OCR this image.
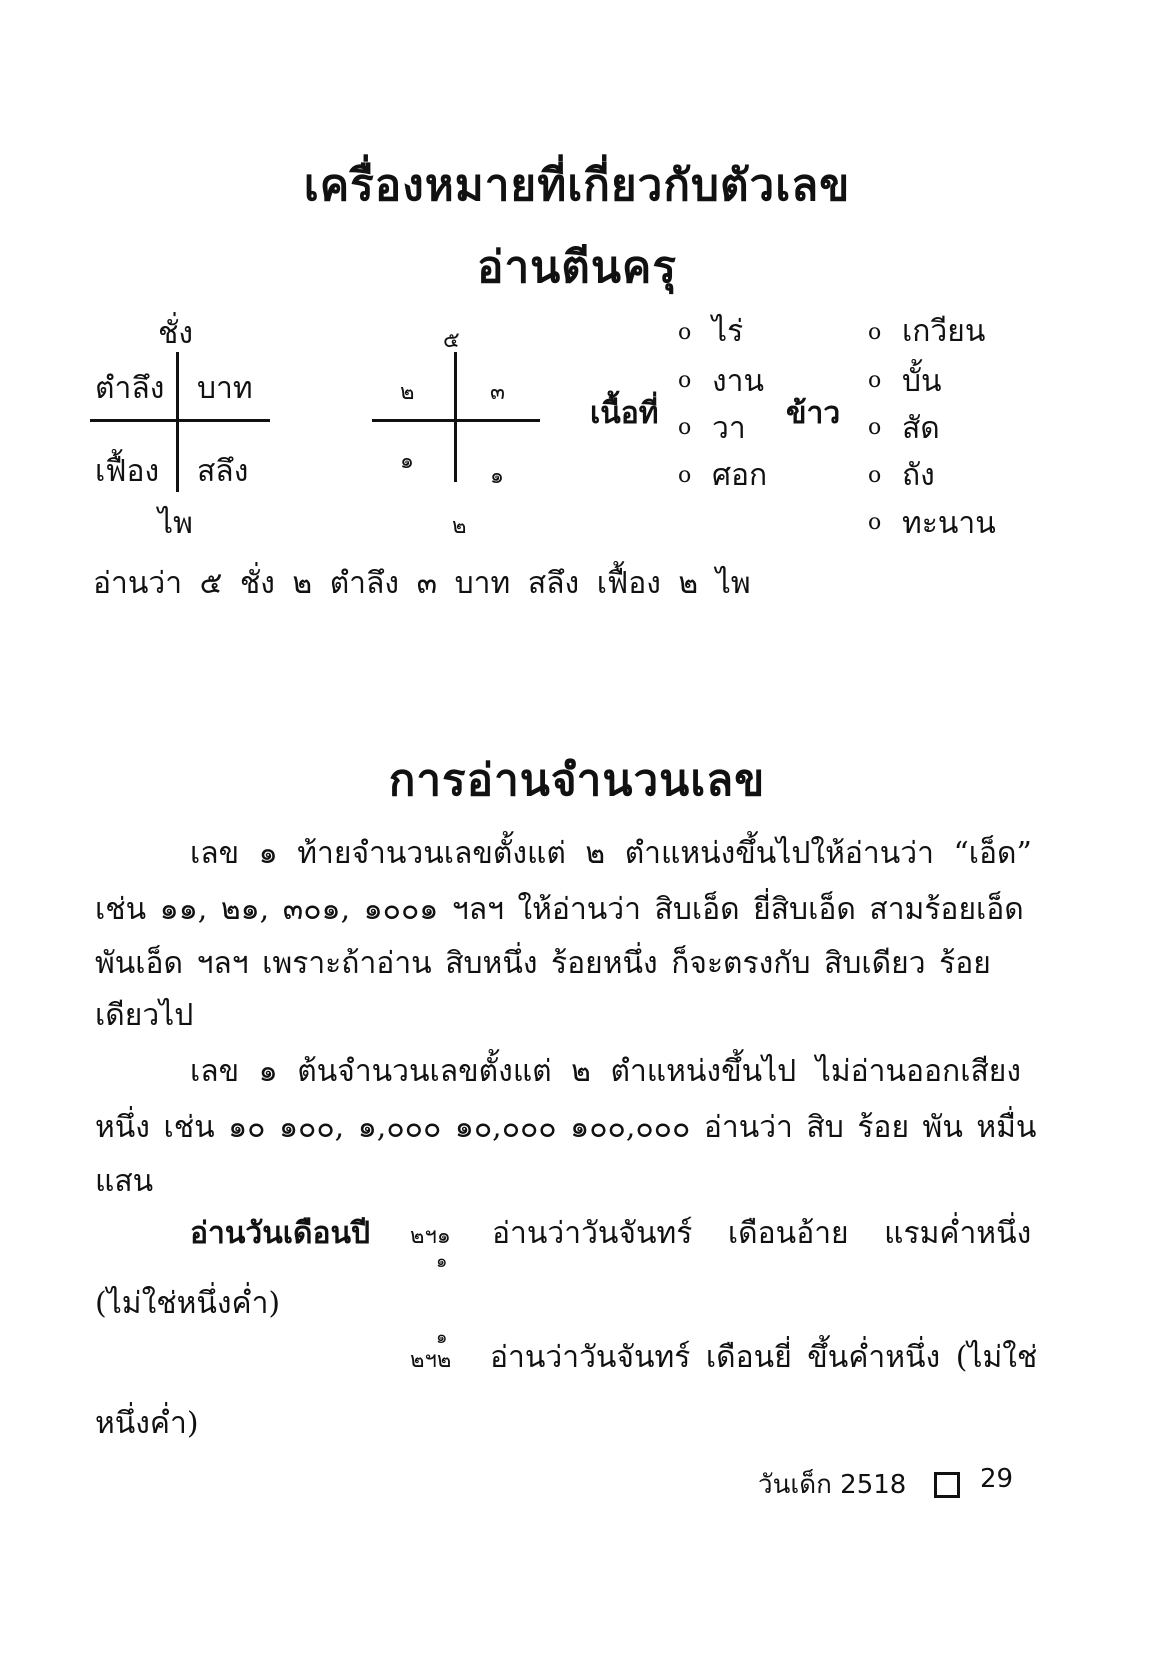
เครื่องหมายที่เกี่ยวกับตัวเลข
อ่านตีนครุ
ชั่ง
ตำลึง บาท
เฟื้อง สลึง
ไพ
๕
๒	๓
๑
๑
๒
เนื้อที่
o ไร่
o งาน
o วา
o ศอก
ข้าว
o เกวียน
o บั้น
o สัด
o ถัง
o ทะนาน
อ่านว่า ๕ ชั่ง ๒ ตำลึง ๓ บาท สลึง เฟื้อง ๒ ไพ
การอ่านจำนวนเลข
เลข ๑ ท้ายจำนวนเลขตั้งแต่ ๒ ตำแหน่งขึ้นไปให้อ่านว่า “เอ็ด”
เช่น ๑๑, ๒๑, ๓๐๑, ๑๐๐๑ ฯลฯ ให้อ่านว่า สิบเอ็ด ยี่สิบเอ็ด สามร้อยเอ็ด
พันเอ็ด ฯลฯ เพราะถ้าอ่าน สิบหนึ่ง ร้อยหนึ่ง ก็จะตรงกับ สิบเดียว ร้อย
เดียวไป
เลข ๑ ต้นจำนวนเลขตั้งแต่ ๒ ตำแหน่งขึ้นไป ไม่อ่านออกเสียง
หนึ่ง เช่น ๑๐ ๑๐๐, ๑,๐๐๐ ๑๐,๐๐๐ ๑๐๐,๐๐๐ อ่านว่า สิบ ร้อย พัน หมื่น
แสน
อ่านวันเดือนปี ๒ฯ๑
๑
อ่านว่าวันจันทร์ เดือนอ้าย แรมค่ำหนึ่ง
(ไม่ใช่หนึ่งค่ำ)
๑
๒ฯ๒ อ่านว่าวันจันทร์ เดือนยี่ ขึ้นค่ำหนึ่ง (ไม่ใช่
หนึ่งค่ำ)
วันเด็ก 2518	29
